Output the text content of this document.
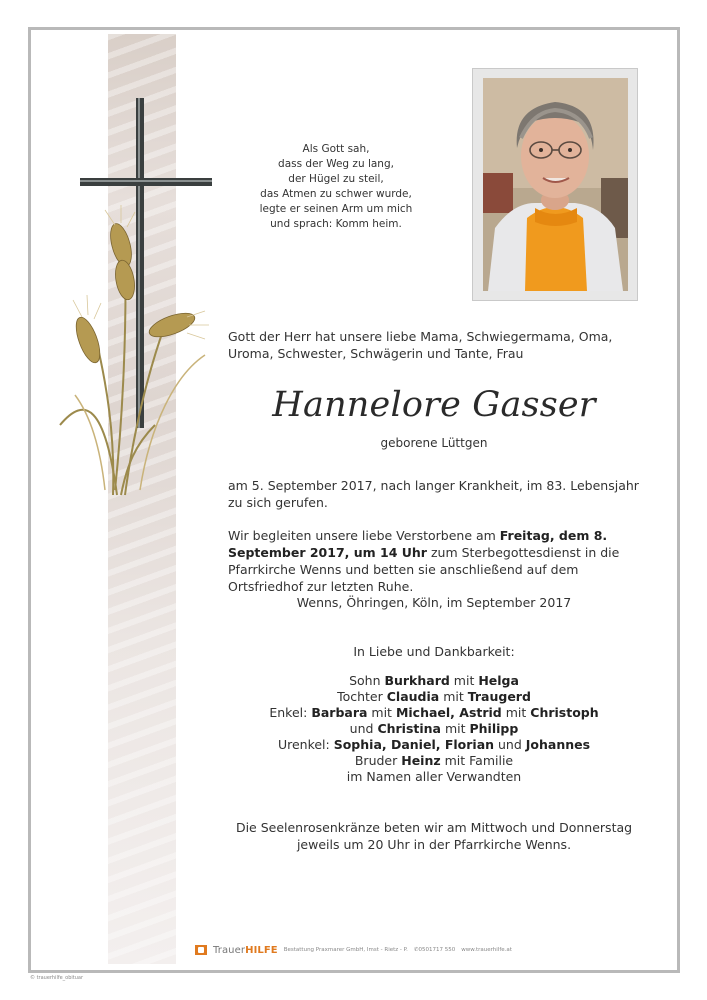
Als Gott sah,
dass der Weg zu lang,
der Hügel zu steil,
das Atmen zu schwer wurde,
legte er seinen Arm um mich
und sprach: Komm heim.
Gott der Herr hat unsere liebe Mama, Schwiegermama, Oma, Uroma, Schwester, Schwägerin und Tante, Frau
Hannelore Gasser
geborene Lüttgen
am 5. September 2017, nach langer Krankheit, im 83. Lebensjahr zu sich gerufen.
Wir begleiten unsere liebe Verstorbene am Freitag, dem 8. September 2017, um 14 Uhr zum Sterbegottesdienst in die Pfarrkirche Wenns und betten sie anschließend auf dem Ortsfriedhof zur letzten Ruhe.
Wenns, Öhringen, Köln, im September 2017
In Liebe und Dankbarkeit:
Sohn Burkhard mit Helga
Tochter Claudia mit Traugerd
Enkel: Barbara mit Michael, Astrid mit Christoph
und Christina mit Philipp
Urenkel: Sophia, Daniel, Florian und Johannes
Bruder Heinz mit Familie
im Namen aller Verwandten
Die Seelenrosenkränze beten wir am Mittwoch und Donnerstag
jeweils um 20 Uhr in der Pfarrkirche Wenns.
TrauerHILFE Bestattung Praxmarer GmbH, Imst - Rietz - P. ✆0501717 550 www.trauerhilfe.at
© trauerhilfe_obituar
